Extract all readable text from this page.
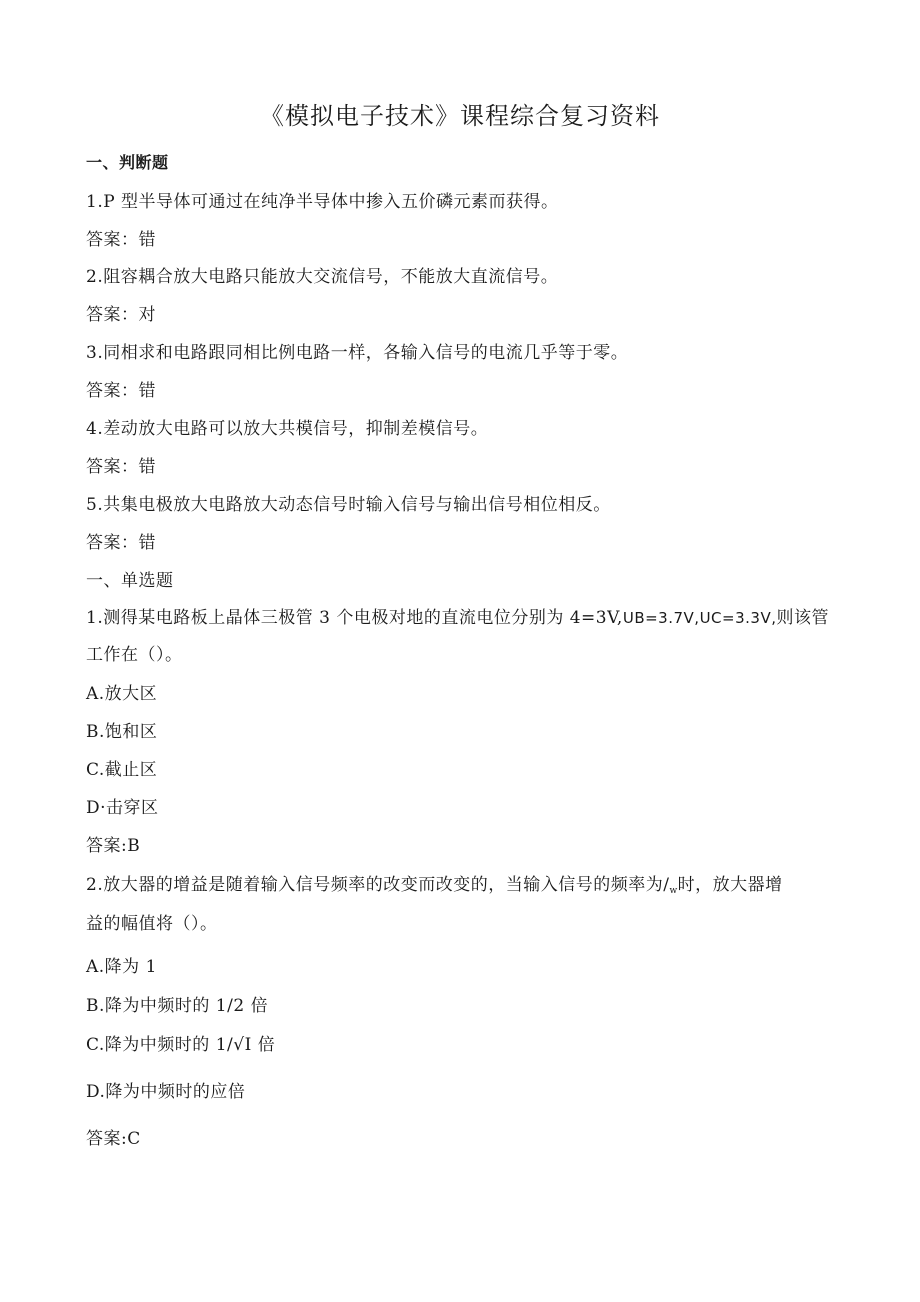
《模拟电子技术》课程综合复习资料
一、判断题
1.P 型半导体可通过在纯净半导体中掺入五价磷元素而获得。
答案：错
2.阻容耦合放大电路只能放大交流信号，不能放大直流信号。
答案：对
3.同相求和电路跟同相比例电路一样，各输入信号的电流几乎等于零。
答案：错
4.差动放大电路可以放大共模信号，抑制差模信号。
答案：错
5.共集电极放大电路放大动态信号时输入信号与输出信号相位相反。
答案：错
一、单选题
1.测得某电路板上晶体三极管 3 个电极对地的直流电位分别为 4=3V,UB=3.7V,UC=3.3V,则该管
工作在（）。
A.放大区
B.饱和区
C.截止区
D·击穿区
答案:B
2.放大器的增益是随着输入信号频率的改变而改变的，当输入信号的频率为$/_w$时，放大器增
益的幅值将（）。
A.降为 1
B.降为中频时的 1/2 倍
C.降为中频时的 1/√I 倍
D.降为中频时的应倍
答案:C
